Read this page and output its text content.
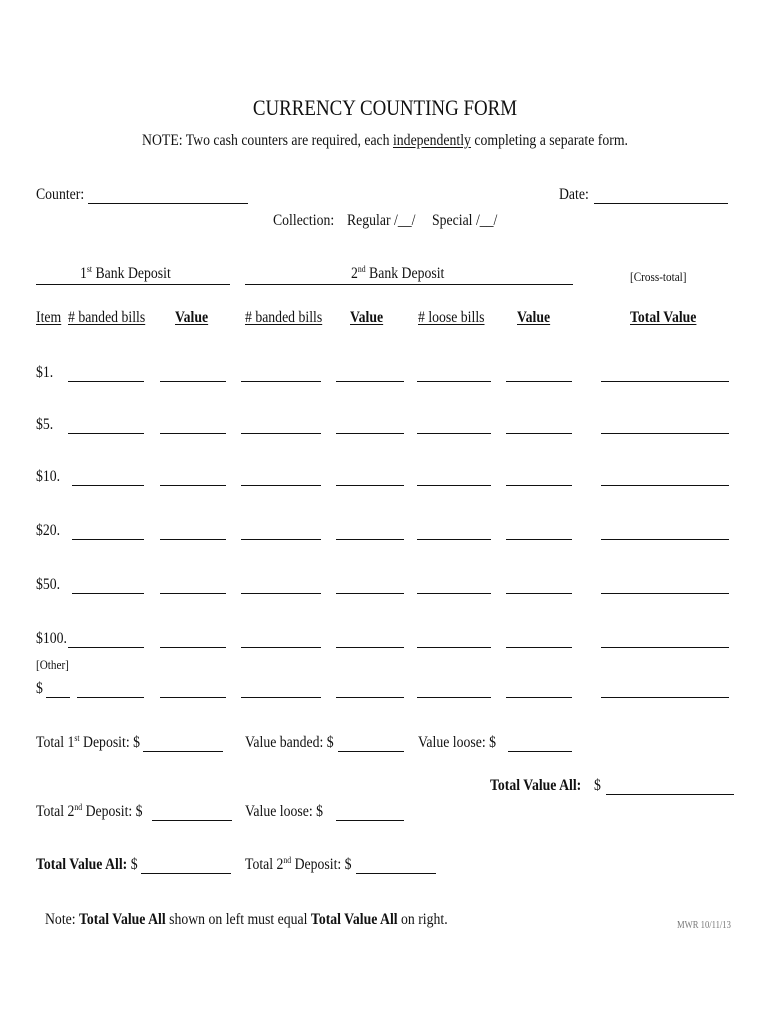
CURRENCY COUNTING FORM
NOTE: Two cash counters are required, each independently completing a separate form.
Counter:	Date:
Collection: Regular /__/ Special /__/
1st Bank Deposit	2nd Bank Deposit	[Cross-total]
Item # banded bills Value # banded bills Value # loose bills Value	Total Value
$1.
$5.
$10.
$20.
$50.
$100.
[Other]
$
Total 1st Deposit: $	Value banded: $	Value loose: $
Total Value All: $
Total 2nd Deposit: $	Value loose: $
Total Value All: $	Total 2nd Deposit: $
Note: Total Value All shown on left must equal Total Value All on right.	MWR 10/11/13
